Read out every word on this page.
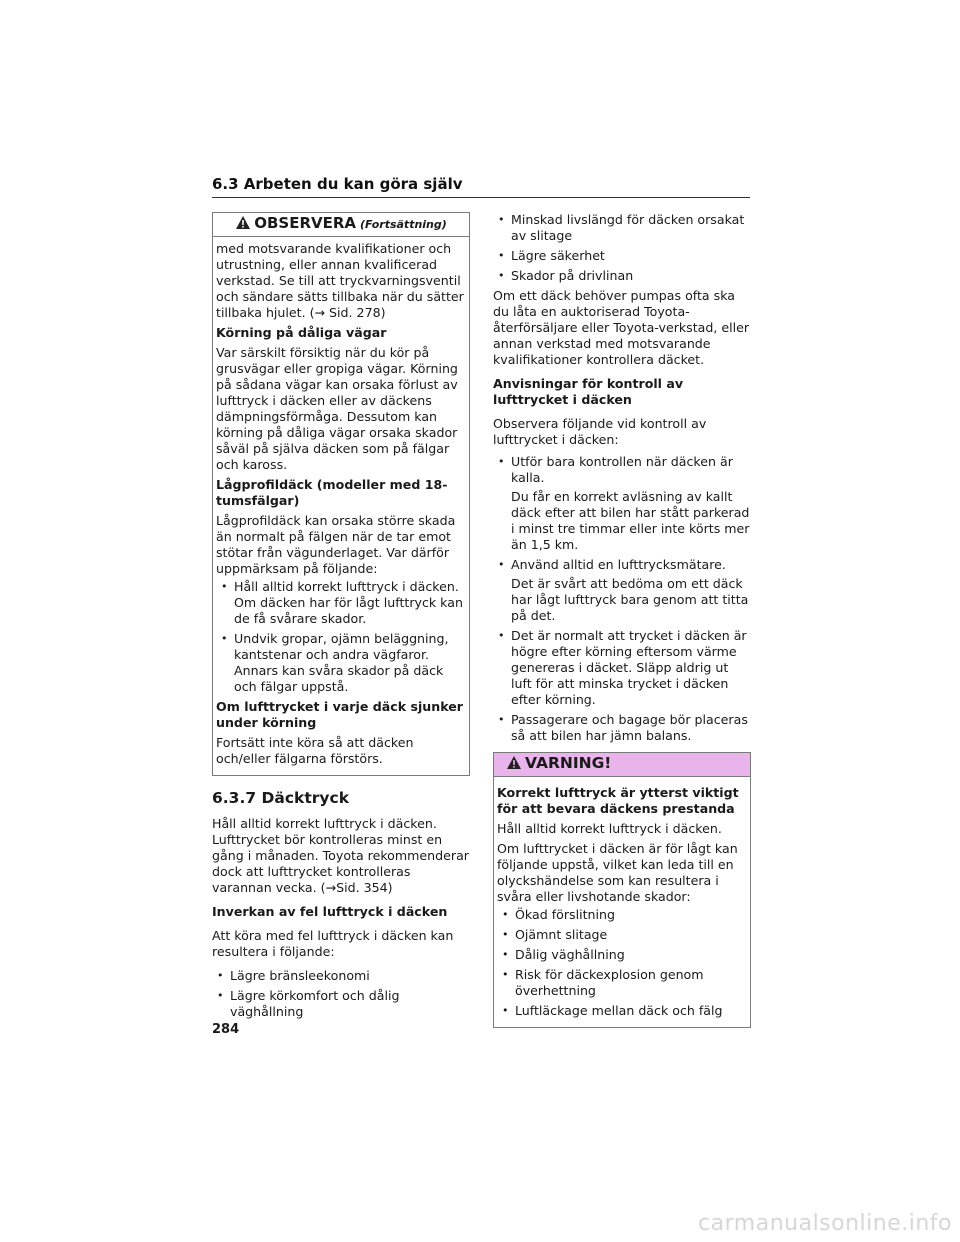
6.3 Arbeten du kan göra själv
OBSERVERA (Fortsättning)

med motsvarande kvalifikationer och utrustning, eller annan kvalificerad verkstad. Se till att tryckvarningsventil och sändare sätts tillbaka när du sätter tillbaka hjulet. (→ Sid. 278)

Körning på dåliga vägar

Var särskilt försiktig när du kör på grusvägar eller gropiga vägar. Körning på sådana vägar kan orsaka förlust av lufttryck i däcken eller av däckens dämpningsförmåga. Dessutom kan körning på dåliga vägar orsaka skador såväl på själva däcken som på fälgar och kaross.

Lågprofildäck (modeller med 18-tumsfälgar)

Lågprofildäck kan orsaka större skada än normalt på fälgen när de tar emot stötar från vägunderlaget. Var därför uppmärksam på följande:

• Håll alltid korrekt lufttryck i däcken.
Om däcken har för lågt lufttryck kan de få svårare skador.
• Undvik gropar, ojämn beläggning, kantstenar och andra vägfaror. Annars kan svåra skador på däck och fälgar uppstå.

Om lufttrycket i varje däck sjunker under körning

Fortsätt inte köra så att däcken och/eller fälgarna förstörs.

6.3.7 Däcktryck

Håll alltid korrekt lufttryck i däcken. Lufttrycket bör kontrolleras minst en gång i månaden. Toyota rekommenderar dock att lufttrycket kontrolleras varannan vecka. (→Sid. 354)

Inverkan av fel lufttryck i däcken

Att köra med fel lufttryck i däcken kan resultera i följande:

• Lägre bränsleekonomi
• Lägre körkomfort och dålig väghållning
• Minskad livslängd för däcken orsakat av slitage
• Lägre säkerhet
• Skador på drivlinan

Om ett däck behöver pumpas ofta ska du låta en auktoriserad Toyota-återförsäljare eller Toyota-verkstad, eller annan verkstad med motsvarande kvalifikationer kontrollera däcket.

Anvisningar för kontroll av lufttrycket i däcken

Observera följande vid kontroll av lufttrycket i däcken:

• Utför bara kontrollen när däcken är kalla.
Du får en korrekt avläsning av kallt däck efter att bilen har stått parkerad i minst tre timmar eller inte körts mer än 1,5 km.
• Använd alltid en lufttrycksmätare.
Det är svårt att bedöma om ett däck har lågt lufttryck bara genom att titta på det.
• Det är normalt att trycket i däcken är högre efter körning eftersom värme genereras i däcket. Släpp aldrig ut luft för att minska trycket i däcken efter körning.
• Passagerare och bagage bör placeras så att bilen har jämn balans.
VARNING!

Korrekt lufttryck är ytterst viktigt för att bevara däckens prestanda

Håll alltid korrekt lufttryck i däcken.

Om lufttrycket i däcken är för lågt kan följande uppstå, vilket kan leda till en olyckshändelse som kan resultera i svåra eller livshotande skador:

• Ökad förslitning
• Ojämnt slitage
• Dålig väghållning
• Risk för däckexplosion genom överhettning
• Luftläckage mellan däck och fälg
284
carmanualsonline.info
